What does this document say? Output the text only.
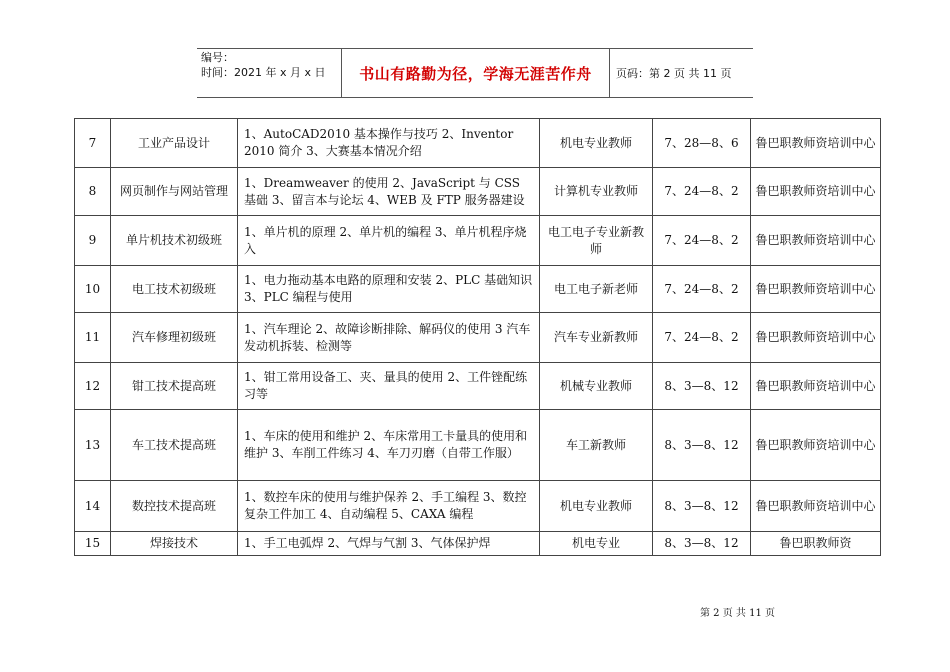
编号：
时间：2021 年 x 月 x 日 书山有路勤为径，学海无涯苦作舟 页码：第 2 页 共 11 页
7	工业产品设计	1、AutoCAD2010 基本操作与技巧 2、Inventor 2010 简介 3、大赛基本情况介绍	机电专业教师	7、28—8、6	鲁巴职教师资培训中心
8	网页制作与网站管理	1、Dreamweaver 的使用 2、JavaScript 与 CSS 基础 3、留言本与论坛 4、WEB 及 FTP 服务器建设	计算机专业教师	7、24—8、2	鲁巴职教师资培训中心
9	单片机技术初级班	1、单片机的原理 2、单片机的编程 3、单片机程序烧入	电工电子专业新教师	7、24—8、2	鲁巴职教师资培训中心
10	电工技术初级班	1、电力拖动基本电路的原理和安装 2、PLC 基础知识 3、PLC 编程与使用	电工电子新老师	7、24—8、2	鲁巴职教师资培训中心
11	汽车修理初级班	1、汽车理论 2、故障诊断排除、解码仪的使用 3 汽车发动机拆装、检测等	汽车专业新教师	7、24—8、2	鲁巴职教师资培训中心
12	钳工技术提高班	1、钳工常用设备工、夹、量具的使用 2、工件锉配练习等	机械专业教师	8、3—8、12	鲁巴职教师资培训中心
13	车工技术提高班	1、车床的使用和维护 2、车床常用工卡量具的使用和维护 3、车削工件练习 4、车刀刃磨（自带工作服）	车工新教师	8、3—8、12	鲁巴职教师资培训中心
14	数控技术提高班	1、数控车床的使用与维护保养 2、手工编程 3、数控复杂工件加工 4、自动编程 5、CAXA 编程	机电专业教师	8、3—8、12	鲁巴职教师资培训中心
15	焊接技术	1、手工电弧焊 2、气焊与气割 3、气体保护焊	机电专业	8、3—8、12	鲁巴职教师资
第 2 页 共 11 页
